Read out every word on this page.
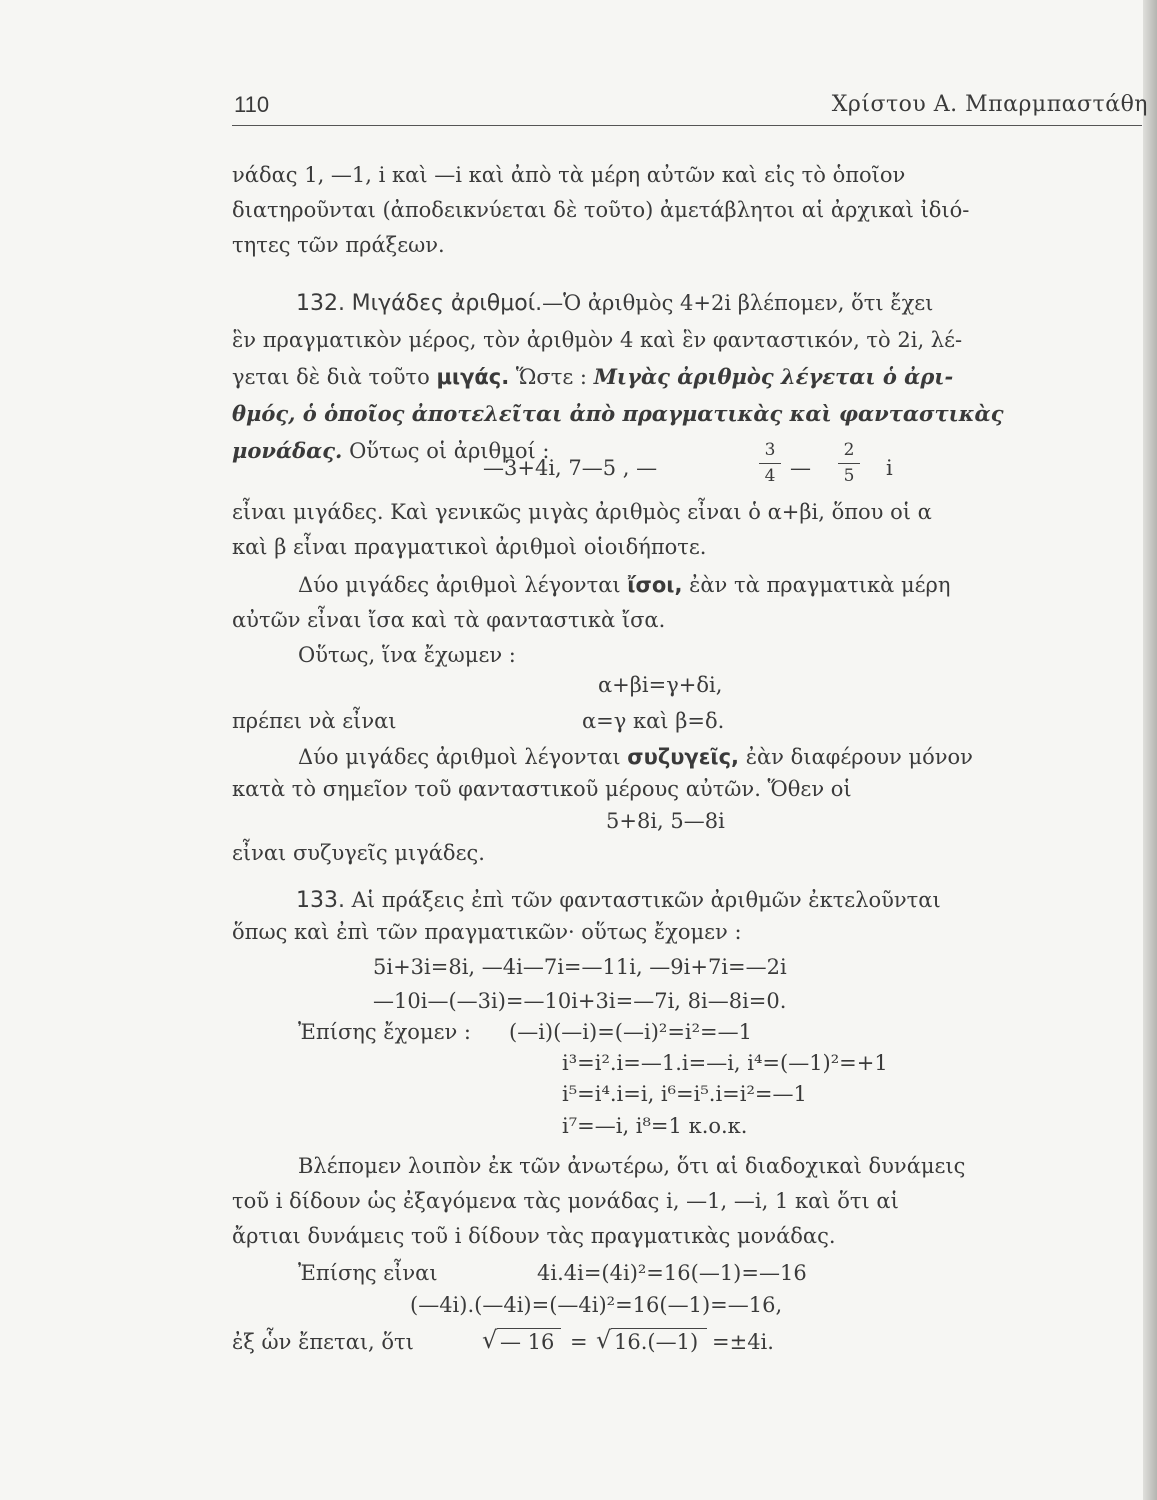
110	Χρίστου Α. Μπαρμπαστάθη
νάδας 1, —1, i καὶ —i καὶ ἀπὸ τὰ μέρη αὐτῶν καὶ εἰς τὸ ὁποῖον
διατηροῦνται (ἀποδεικνύεται δὲ τοῦτο) ἀμετάβλητοι αἱ ἀρχικαὶ ἰδιό-
τητες τῶν πράξεων.
132. Μιγάδες ἀριθμοί.—Ὁ ἀριθμὸς 4+2i βλέπομεν, ὅτι ἔχει
ἓν πραγματικὸν μέρος, τὸν ἀριθμὸν 4 καὶ ἓν φανταστικόν, τὸ 2i, λέ-
γεται δὲ διὰ τοῦτο μιγάς. Ὥστε : Μιγὰς ἀριθμὸς λέγεται ὁ ἀρι-
θμός, ὁ ὁποῖος ἀποτελεῖται ἀπὸ πραγματικὰς καὶ φανταστικὰς
μονάδας. Οὕτως οἱ ἀριθμοί :
—3+4i, 7—5 , —
3
4 —
2
5 i
εἶναι μιγάδες. Καὶ γενικῶς μιγὰς ἀριθμὸς εἶναι ὁ α+βi, ὅπου οἱ α
καὶ β εἶναι πραγματικοὶ ἀριθμοὶ οἱοιδήποτε.
Δύο μιγάδες ἀριθμοὶ λέγονται ἴσοι, ἐὰν τὰ πραγματικὰ μέρη
αὐτῶν εἶναι ἴσα καὶ τὰ φανταστικὰ ἴσα.
Οὕτως, ἵνα ἔχωμεν :
α+βi=γ+δi,
πρέπει νὰ εἶναι	α=γ καὶ β=δ.
Δύο μιγάδες ἀριθμοὶ λέγονται συζυγεῖς, ἐὰν διαφέρουν μόνον
κατὰ τὸ σημεῖον τοῦ φανταστικοῦ μέρους αὐτῶν. Ὅθεν οἱ
5+8i, 5—8i
εἶναι συζυγεῖς μιγάδες.
133. Αἱ πράξεις ἐπὶ τῶν φανταστικῶν ἀριθμῶν ἐκτελοῦνται
ὅπως καὶ ἐπὶ τῶν πραγματικῶν· οὕτως ἔχομεν :
5i+3i=8i, —4i—7i=—11i, —9i+7i=—2i
—10i—(—3i)=—10i+3i=—7i, 8i—8i=0.
Ἐπίσης ἔχομεν : (—i)(—i)=(—i)²=i²=—1
i³=i².i=—1.i=—i, i⁴=(—1)²=+1
i⁵=i⁴.i=i, i⁶=i⁵.i=i²=—1
i⁷=—i, i⁸=1 κ.ο.κ.
Βλέπομεν λοιπὸν ἐκ τῶν ἀνωτέρω, ὅτι αἱ διαδοχικαὶ δυνάμεις
τοῦ i δίδουν ὡς ἐξαγόμενα τὰς μονάδας i, —1, —i, 1 καὶ ὅτι αἱ
ἄρτιαι δυνάμεις τοῦ i δίδουν τὰς πραγματικὰς μονάδας.
Ἐπίσης εἶναι	4i.4i=(4i)²=16(—1)=—16
(—4i).(—4i)=(—4i)²=16(—1)=—16,
ἐξ ὧν ἔπεται, ὅτι	√ — 16 = √ 16.(—1) =±4i.
